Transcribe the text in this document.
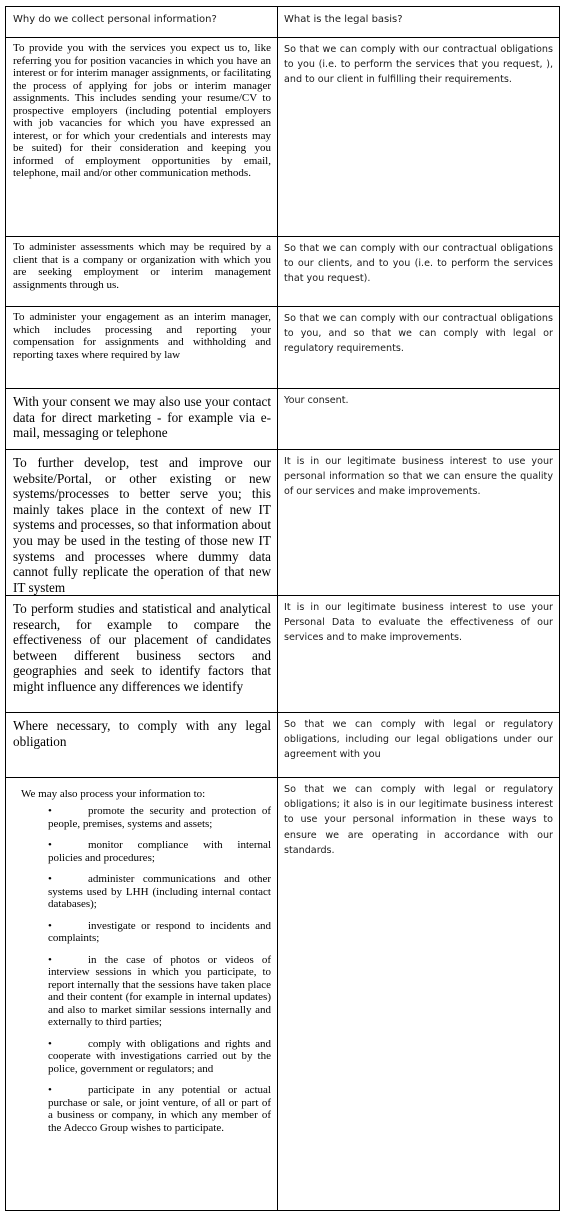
Why do we collect personal information?	What is the legal basis?
To provide you with the services you expect us to, like referring you for position vacancies in which you have an interest or for interim manager assignments, or facilitating the process of applying for jobs or interim manager assignments. This includes sending your resume/CV to prospective employers (including potential employers with job vacancies for which you have expressed an interest, or for which your credentials and interests may be suited) for their consideration and keeping you informed of employment opportunities by email, telephone, mail and/or other communication methods.
So that we can comply with our contractual obligations to you (i.e. to perform the services that you request, ), and to our client in fulfilling their requirements.
To administer assessments which may be required by a client that is a company or organization with which you are seeking employment or interim management assignments through us.
So that we can comply with our contractual obligations to our clients, and to you (i.e. to perform the services that you request).
To administer your engagement as an interim manager, which includes processing and reporting your compensation for assignments and withholding and reporting taxes where required by law
So that we can comply with our contractual obligations to you, and so that we can comply with legal or regulatory requirements.
With your consent we may also use your contact data for direct marketing - for example via e-mail, messaging or telephone
Your consent.
To further develop, test and improve our website/Portal, or other existing or new systems/processes to better serve you; this mainly takes place in the context of new IT systems and processes, so that information about you may be used in the testing of those new IT systems and processes where dummy data cannot fully replicate the operation of that new IT system
It is in our legitimate business interest to use your personal information so that we can ensure the quality of our services and make improvements.
To perform studies and statistical and analytical research, for example to compare the effectiveness of our placement of candidates between different business sectors and geographies and seek to identify factors that might influence any differences we identify
It is in our legitimate business interest to use your Personal Data to evaluate the effectiveness of our services and to make improvements.
Where necessary, to comply with any legal obligation
So that we can comply with legal or regulatory obligations, including our legal obligations under our agreement with you
We may also process your information to:
•promote the security and protection of people, premises, systems and assets;
•monitor compliance with internal policies and procedures;
•administer communications and other systems used by LHH (including internal contact databases);
•investigate or respond to incidents and complaints;
•in the case of photos or videos of interview sessions in which you participate, to report internally that the sessions have taken place and their content (for example in internal updates) and also to market similar sessions internally and externally to third parties;
•comply with obligations and rights and cooperate with investigations carried out by the police, government or regulators; and
•participate in any potential or actual purchase or sale, or joint venture, of all or part of a business or company, in which any member of the Adecco Group wishes to participate.
So that we can comply with legal or regulatory obligations; it also is in our legitimate business interest to use your personal information in these ways to ensure we are operating in accordance with our standards.
